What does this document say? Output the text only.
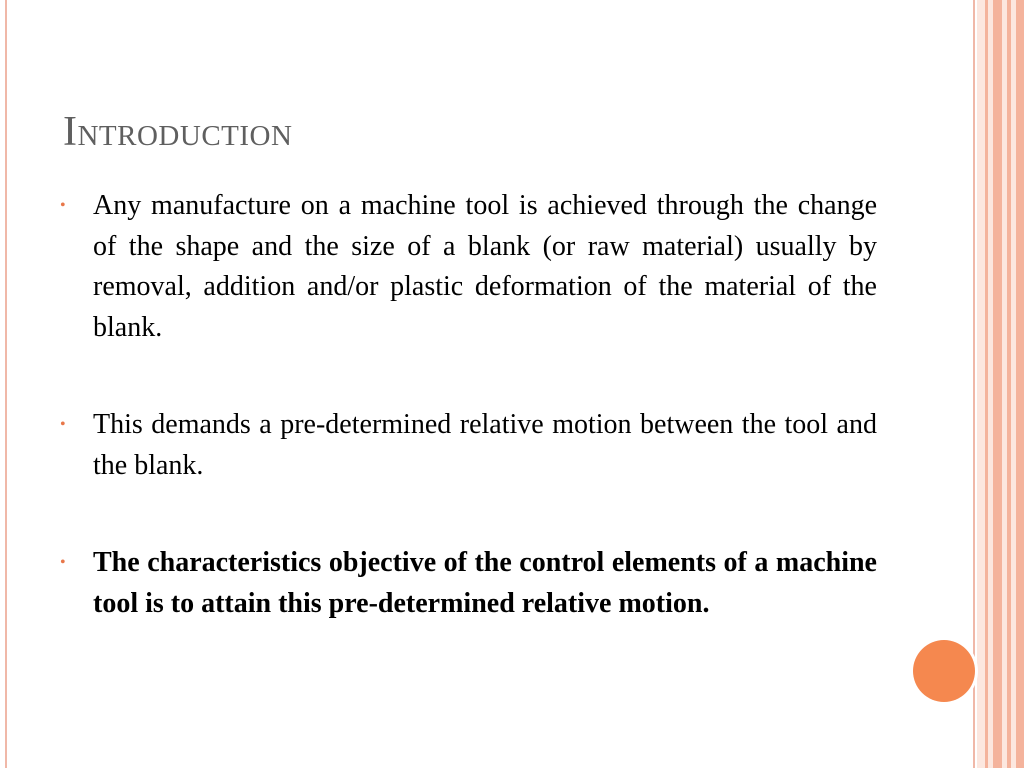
Introduction
• Any manufacture on a machine tool is achieved through the change of the shape and the size of a blank (or raw material) usually by removal, addition and/or plastic deformation of the material of the blank.
• This demands a pre-determined relative motion between the tool and the blank.
• The characteristics objective of the control elements of a machine tool is to attain this pre-determined relative motion.
